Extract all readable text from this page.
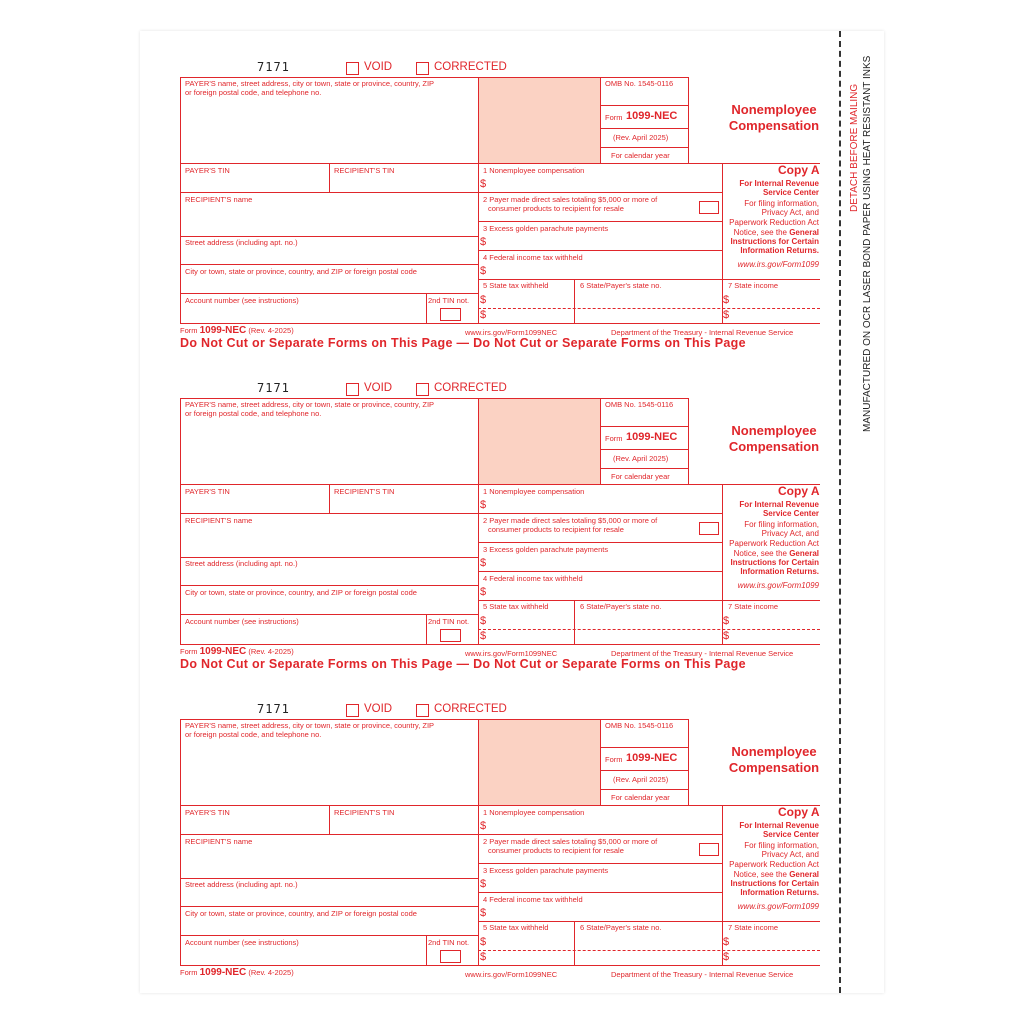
DETACH BEFORE MAILING MANUFACTURED ON OCR LASER BOND PAPER USING HEAT RESISTANT INKS
7171	VOID	CORRECTED
PAYER'S name, street address, city or town, state or province, country, ZIP
or foreign postal code, and telephone no.
OMB No. 1545-0116
Form 1099-NEC
(Rev. April 2025)
For calendar year
Nonemployee
Compensation
PAYER'S TIN	RECIPIENT'S TIN	1 Nonemployee compensation
$
2 Payer made direct sales totaling $5,000 or more of
consumer products to recipient for resale
RECIPIENT'S name
3 Excess golden parachute payments
$
Street address (including apt. no.)
4 Federal income tax withheld
$
City or town, state or province, country, and ZIP or foreign postal code
5 State tax withheld
$
$
6 State/Payer's state no.	7 State income
$
$
Account number (see instructions)	2nd TIN not.
Copy A
For Internal Revenue
Service Center
For filing information,
Privacy Act, and
Paperwork Reduction Act
Notice, see the General
Instructions for Certain
Information Returns.
www.irs.gov/Form1099
Form 1099-NEC (Rev. 4-2025)	www.irs.gov/Form1099NEC	Department of the Treasury - Internal Revenue Service
Do Not Cut or Separate Forms on This Page — Do Not Cut or Separate Forms on This Page
7171	VOID	CORRECTED
PAYER'S name, street address, city or town, state or province, country, ZIP
or foreign postal code, and telephone no.
OMB No. 1545-0116
Form 1099-NEC
(Rev. April 2025)
For calendar year
Nonemployee
Compensation
PAYER'S TIN	RECIPIENT'S TIN	1 Nonemployee compensation
$
2 Payer made direct sales totaling $5,000 or more of
consumer products to recipient for resale
RECIPIENT'S name
3 Excess golden parachute payments
$
Street address (including apt. no.)
4 Federal income tax withheld
$
City or town, state or province, country, and ZIP or foreign postal code
5 State tax withheld
$
$
6 State/Payer's state no.	7 State income
$
$
Account number (see instructions)	2nd TIN not.
Copy A
For Internal Revenue
Service Center
For filing information,
Privacy Act, and
Paperwork Reduction Act
Notice, see the General
Instructions for Certain
Information Returns.
www.irs.gov/Form1099
Form 1099-NEC (Rev. 4-2025)	www.irs.gov/Form1099NEC	Department of the Treasury - Internal Revenue Service
Do Not Cut or Separate Forms on This Page — Do Not Cut or Separate Forms on This Page
7171	VOID	CORRECTED
PAYER'S name, street address, city or town, state or province, country, ZIP
or foreign postal code, and telephone no.
OMB No. 1545-0116
Form 1099-NEC
(Rev. April 2025)
For calendar year
Nonemployee
Compensation
PAYER'S TIN	RECIPIENT'S TIN	1 Nonemployee compensation
$
2 Payer made direct sales totaling $5,000 or more of
consumer products to recipient for resale
RECIPIENT'S name
3 Excess golden parachute payments
$
Street address (including apt. no.)
4 Federal income tax withheld
$
City or town, state or province, country, and ZIP or foreign postal code
5 State tax withheld
$
$
6 State/Payer's state no.	7 State income
$
$
Account number (see instructions)	2nd TIN not.
Copy A
For Internal Revenue
Service Center
For filing information,
Privacy Act, and
Paperwork Reduction Act
Notice, see the General
Instructions for Certain
Information Returns.
www.irs.gov/Form1099
Form 1099-NEC (Rev. 4-2025)	www.irs.gov/Form1099NEC	Department of the Treasury - Internal Revenue Service
